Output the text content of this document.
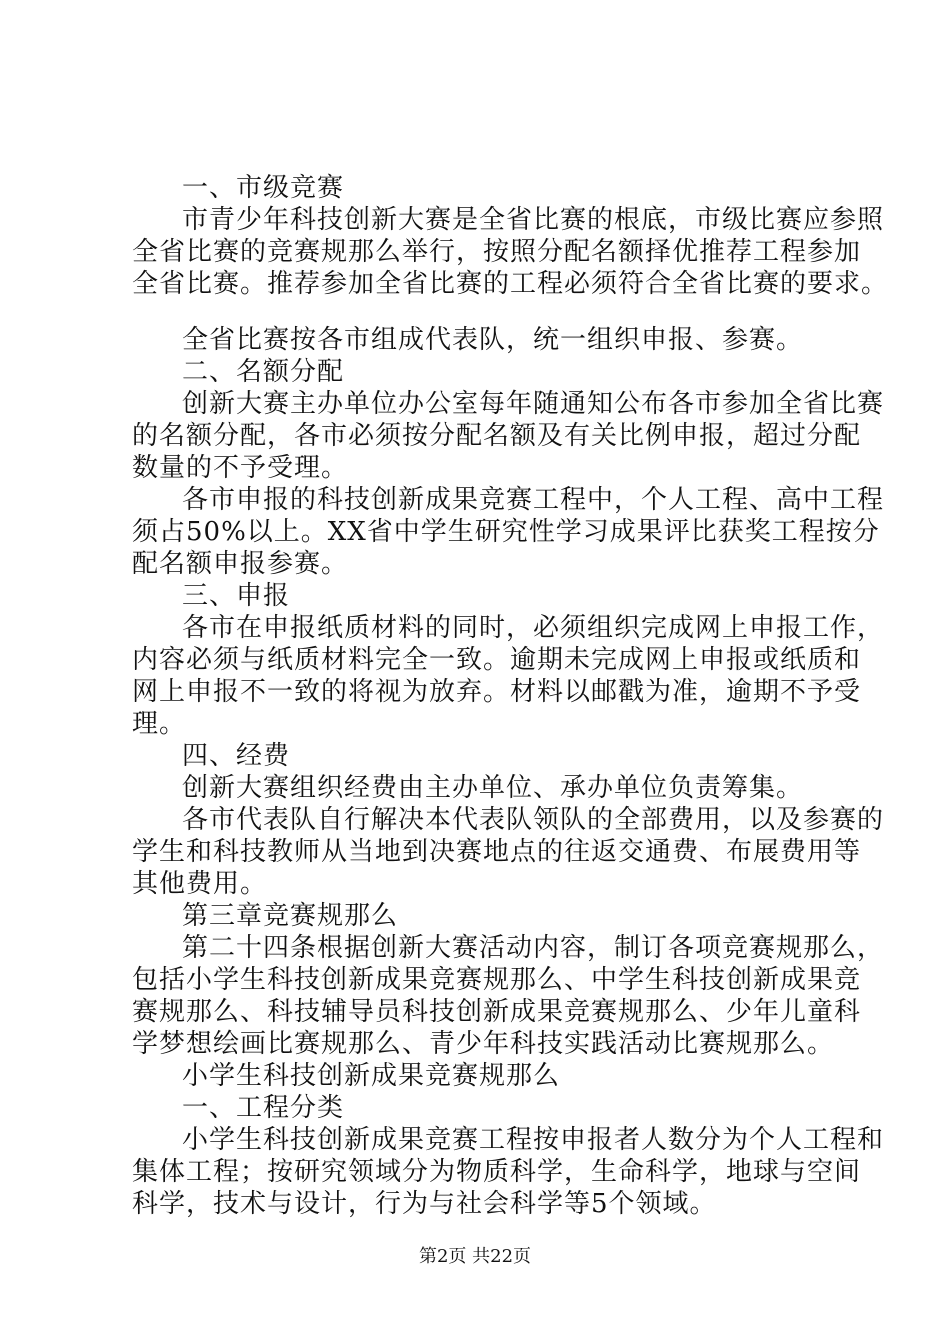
一、市级竞赛
市青少年科技创新大赛是全省比赛的根底，市级比赛应参照
全省比赛的竞赛规那么举行，按照分配名额择优推荐工程参加
全省比赛。推荐参加全省比赛的工程必须符合全省比赛的要求。
全省比赛按各市组成代表队，统一组织申报、参赛。
二、名额分配
创新大赛主办单位办公室每年随通知公布各市参加全省比赛
的名额分配，各市必须按分配名额及有关比例申报，超过分配
数量的不予受理。
各市申报的科技创新成果竞赛工程中，个人工程、高中工程
须占50%以上。XX省中学生研究性学习成果评比获奖工程按分
配名额申报参赛。
三、申报
各市在申报纸质材料的同时，必须组织完成网上申报工作，
内容必须与纸质材料完全一致。逾期未完成网上申报或纸质和
网上申报不一致的将视为放弃。材料以邮戳为准，逾期不予受
理。
四、经费
创新大赛组织经费由主办单位、承办单位负责筹集。
各市代表队自行解决本代表队领队的全部费用，以及参赛的
学生和科技教师从当地到决赛地点的往返交通费、布展费用等
其他费用。
第三章竞赛规那么
第二十四条根据创新大赛活动内容，制订各项竞赛规那么，
包括小学生科技创新成果竞赛规那么、中学生科技创新成果竞
赛规那么、科技辅导员科技创新成果竞赛规那么、少年儿童科
学梦想绘画比赛规那么、青少年科技实践活动比赛规那么。
小学生科技创新成果竞赛规那么
一、工程分类
小学生科技创新成果竞赛工程按申报者人数分为个人工程和
集体工程；按研究领域分为物质科学，生命科学，地球与空间
科学，技术与设计，行为与社会科学等5个领域。
第2页 共22页
